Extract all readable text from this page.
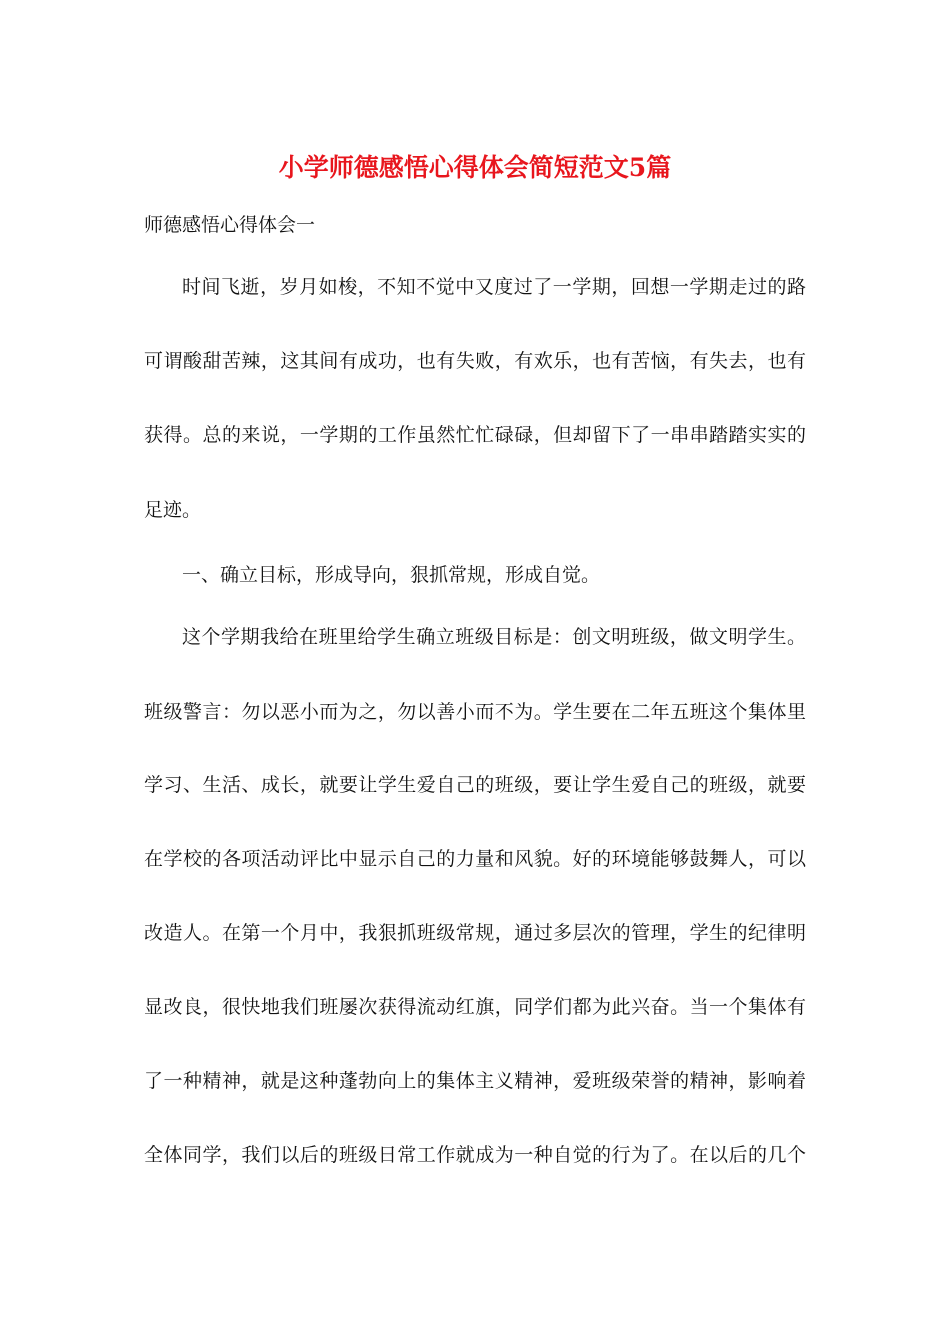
小学师德感悟心得体会简短范文5篇

师德感悟心得体会一

时间飞逝，岁月如梭，不知不觉中又度过了一学期，回想一学期走过的路

可谓酸甜苦辣，这其间有成功，也有失败，有欢乐，也有苦恼，有失去，也有

获得。总的来说，一学期的工作虽然忙忙碌碌，但却留下了一串串踏踏实实的

足迹。

一、确立目标，形成导向，狠抓常规，形成自觉。

这个学期我给在班里给学生确立班级目标是：创文明班级，做文明学生。

班级警言：勿以恶小而为之，勿以善小而不为。学生要在二年五班这个集体里

学习、生活、成长，就要让学生爱自己的班级，要让学生爱自己的班级，就要

在学校的各项活动评比中显示自己的力量和风貌。好的环境能够鼓舞人，可以

改造人。在第一个月中，我狠抓班级常规，通过多层次的管理，学生的纪律明

显改良，很快地我们班屡次获得流动红旗，同学们都为此兴奋。当一个集体有

了一种精神，就是这种蓬勃向上的集体主义精神，爱班级荣誉的精神，影响着

全体同学，我们以后的班级日常工作就成为一种自觉的行为了。在以后的几个
